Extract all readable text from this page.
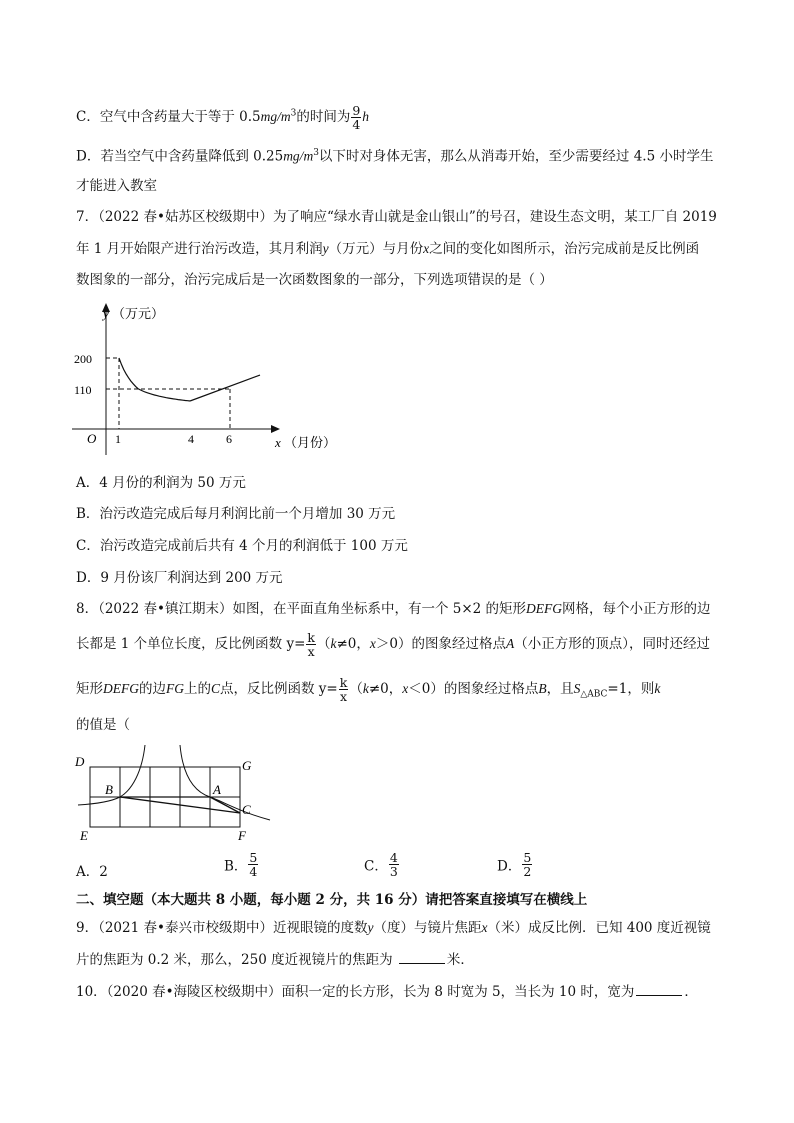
C．空气中含药量大于等于 $0.5mg/m^3$的时间为 $\frac{9}{4}$ h
D．若当空气中含药量降低到 $0.25mg/m^3$以下时对身体无害，那么从消毒开始，至少需要经过 4.5 小时学生
才能进入教室
7．（2022 春•姑苏区校级期中）为了响应“绿水青山就是金山银山”的号召，建设生态文明，某工厂自 2019
年 1 月开始限产进行治污改造，其月利润y（万元）与月份x之间的变化如图所示，治污完成前是反比例函
数图象的一部分，治污完成后是一次函数图象的一部分，下列选项错误的是（ ）
y （万元）
200
110
O 1	4	6	x （月份）
A．4 月份的利润为 50 万元
B．治污改造完成后每月利润比前一个月增加 30 万元
C．治污改造完成前后共有 4 个月的利润低于 100 万元
D．9 月份该厂利润达到 200 万元
8．（2022 春•镇江期末）如图，在平面直角坐标系中，有一个 5×2 的矩形DEFG网格，每个小正方形的边
长都是 1 个单位长度，反比例函数 $y= \frac{k}{x} (k\ne 0$，x＞0）的图象经过格点A（小正方形的顶点），同时还经过
矩形DEFG的边FG上的C点，反比例函数 $y= \frac{k}{x} (k\ne 0$，x＜0）的图象经过格点B，且$S_{\triangle ABC}=1$，则k
的值是（
D	G
E	F
B	A
C
A．2	B． $\frac{5}{4}$	C． $\frac{4}{3}$	D． $\frac{5}{2}$
二、填空题（本大题共 8 小题，每小题 2 分，共 16 分）请把答案直接填写在横线上
9．（2021 春•泰兴市校级期中）近视眼镜的度数y（度）与镜片焦距x（米）成反比例．已知 400 度近视镜
片的焦距为 0.2 米，那么，250 度近视镜片的焦距为	米．
10．（2020 春•海陵区校级期中）面积一定的长方形，长为 8 时宽为 5，当长为 10 时，宽为	．
